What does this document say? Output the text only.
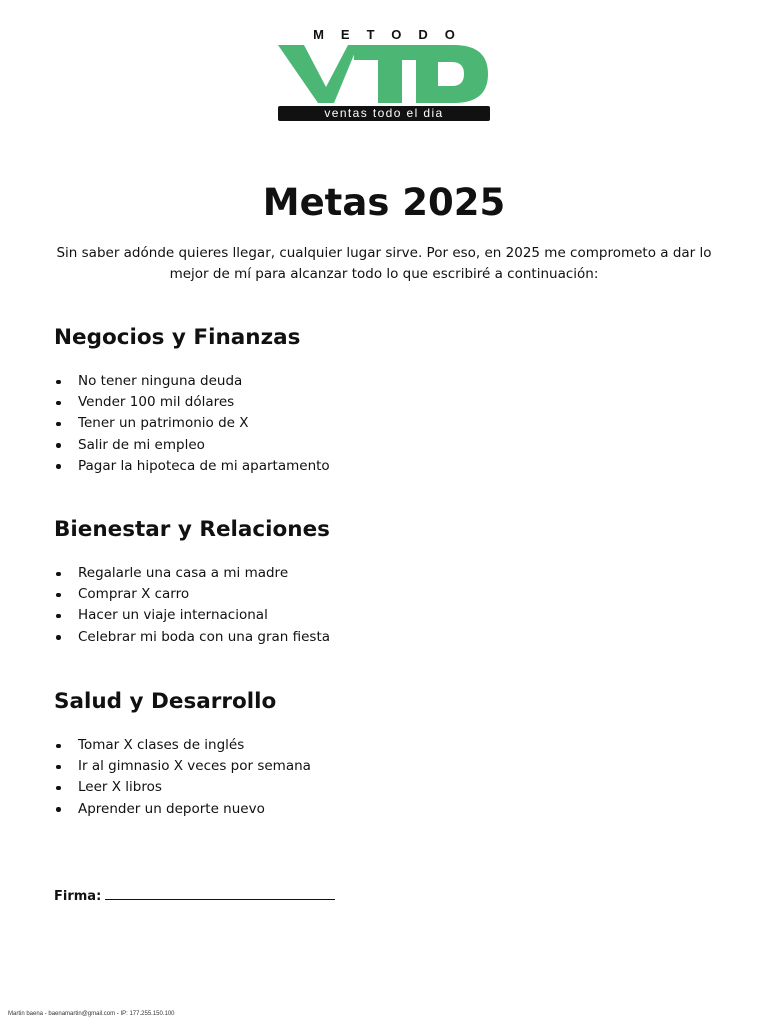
METODO
ventas todo el dia
Metas 2025

Sin saber adónde quieres llegar, cualquier lugar sirve. Por eso, en 2025 me comprometo a dar lo mejor de mí para alcanzar todo lo que escribiré a continuación:

Negocios y Finanzas
No tener ninguna deuda
Vender 100 mil dólares
Tener un patrimonio de X
Salir de mi empleo
Pagar la hipoteca de mi apartamento
Bienestar y Relaciones
Regalarle una casa a mi madre
Comprar X carro
Hacer un viaje internacional
Celebrar mi boda con una gran fiesta
Salud y Desarrollo
Tomar X clases de inglés
Ir al gimnasio X veces por semana
Leer X libros
Aprender un deporte nuevo
Firma:
Martin baena - baenamartin@gmail.com - IP: 177.255.150.100
